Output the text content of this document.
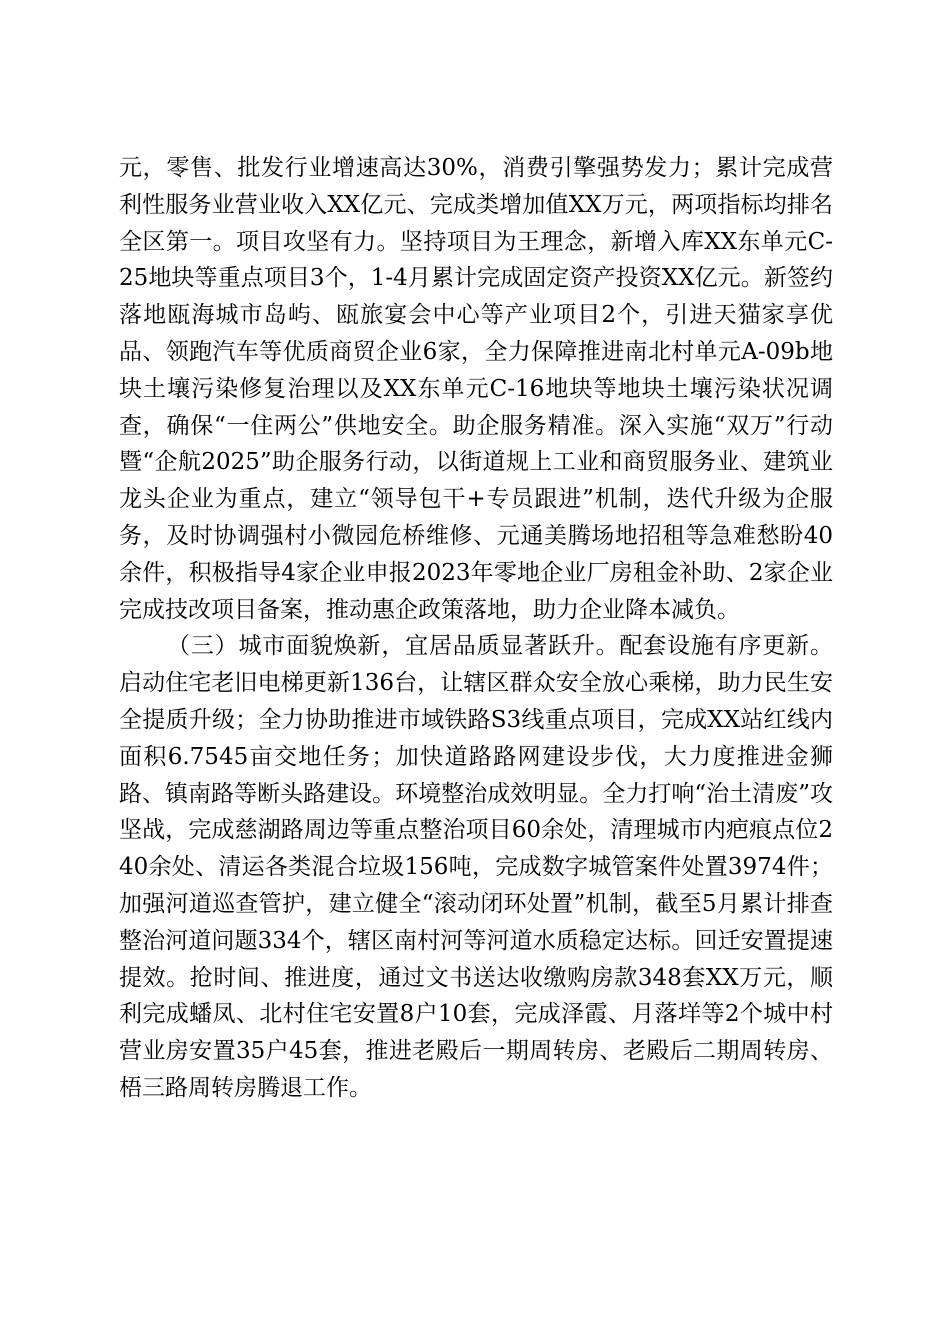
元，零售、批发行业增速高达30%，消费引擎强势发力；累计完成营利性服务业营业收入XX亿元、完成类增加值XX万元，两项指标均排名全区第一。项目攻坚有力。坚持项目为王理念，新增入库XX东单元C-25地块等重点项目3个，1-4月累计完成固定资产投资XX亿元。新签约落地瓯海城市岛屿、瓯旅宴会中心等产业项目2个，引进天猫家享优品、领跑汽车等优质商贸企业6家，全力保障推进南北村单元A-09b地块土壤污染修复治理以及XX东单元C-16地块等地块土壤污染状况调查，确保“一住两公”供地安全。助企服务精准。深入实施“双万”行动暨“企航2025”助企服务行动，以街道规上工业和商贸服务业、建筑业龙头企业为重点，建立“领导包干+专员跟进”机制，迭代升级为企服务，及时协调强村小微园危桥维修、元通美腾场地招租等急难愁盼40余件，积极指导4家企业申报2023年零地企业厂房租金补助、2家企业完成技改项目备案，推动惠企政策落地，助力企业降本减负。

（三）城市面貌焕新，宜居品质显著跃升。配套设施有序更新。启动住宅老旧电梯更新136台，让辖区群众安全放心乘梯，助力民生安全提质升级；全力协助推进市域铁路S3线重点项目，完成XX站红线内面积6.7545亩交地任务；加快道路路网建设步伐，大力度推进金狮路、镇南路等断头路建设。环境整治成效明显。全力打响“治土清废”攻坚战，完成慈湖路周边等重点整治项目60余处，清理城市内疤痕点位240余处、清运各类混合垃圾156吨，完成数字城管案件处置3974件；加强河道巡查管护，建立健全“滚动闭环处置”机制，截至5月累计排查整治河道问题334个，辖区南村河等河道水质稳定达标。回迁安置提速提效。抢时间、推进度，通过文书送达收缴购房款348套XX万元，顺利完成蟠凤、北村住宅安置8户10套，完成泽霞、月落垟等2个城中村营业房安置35户45套，推进老殿后一期周转房、老殿后二期周转房、梧三路周转房腾退工作。
